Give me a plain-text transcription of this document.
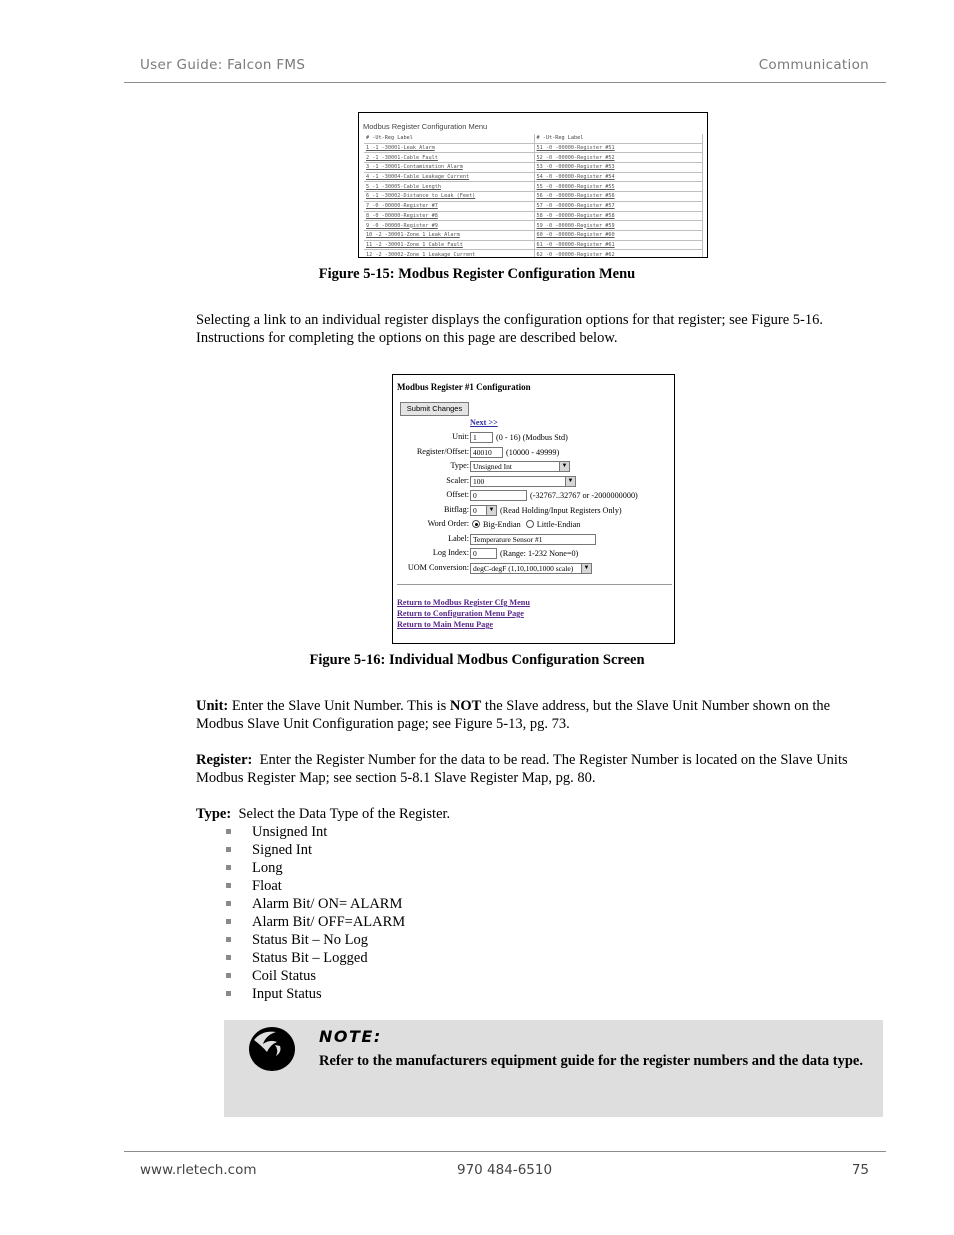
User Guide: Falcon FMS	Communication
Modbus Register Configuration Menu
# -Ut-Reg Label	# -Ut-Reg Label
1 -1 -30001-Leak Alarm	51 -0 -00000-Register #51
2 -1 -30001-Cable Fault	52 -0 -00000-Register #52
3 -1 -30001-Contamination Alarm	53 -0 -00000-Register #53
4 -1 -30004-Cable Leakage Current	54 -0 -00000-Register #54
5 -1 -30005-Cable Length	55 -0 -00000-Register #55
6 -1 -30002-Distance to Leak (Feet)	56 -0 -00000-Register #56
7 -0 -00000-Register #7	57 -0 -00000-Register #57
8 -0 -00000-Register #8	58 -0 -00000-Register #58
9 -0 -00000-Register #9	59 -0 -00000-Register #59
10 -2 -30001-Zone 1 Leak Alarm	60 -0 -00000-Register #60
11 -2 -30001-Zone 1 Cable Fault	61 -0 -00000-Register #61
12 -2 -30002-Zone 1 Leakage Current	62 -0 -00000-Register #62
Figure 5-15: Modbus Register Configuration Menu
Selecting a link to an individual register displays the configuration options for that register; see Figure 5-16. Instructions for completing the options on this page are described below.
Modbus Register #1 Configuration
Submit Changes
Next >>
Unit: 1	(0 - 16) (Modbus Std)
Register/Offset: 40010	(10000 - 49999)
Type: Unsigned Int	▼
Scaler: 100	▼
Offset: 0	(-32767..32767 or -2000000000)
Bitflag: 0	▼ (Read Holding/Input Registers Only)
Word Order: Big-Endian Little-Endian
Label: Temperature Sensor #1
Log Index: 0	(Range: 1-232 None=0)
UOM Conversion: degC-degF (1,10,100,1000 scale)	▼
Return to Modbus Register Cfg Menu
Return to Configuration Menu Page
Return to Main Menu Page
Figure 5-16: Individual Modbus Configuration Screen
Unit: Enter the Slave Unit Number. This is NOT the Slave address, but the Slave Unit Number shown on the Modbus Slave Unit Configuration page; see Figure 5-13, pg. 73.
Register:  Enter the Register Number for the data to be read. The Register Number is located on the Slave Units Modbus Register Map; see section 5-8.1 Slave Register Map, pg. 80.
Type:  Select the Data Type of the Register.
Unsigned Int
Signed Int
Long
Float
Alarm Bit/ ON= ALARM
Alarm Bit/ OFF=ALARM
Status Bit – No Log
Status Bit – Logged
Coil Status
Input Status
NOTE:
Refer to the manufacturers equipment guide for the register numbers and the data type.
www.rletech.com	970 484-6510	75
